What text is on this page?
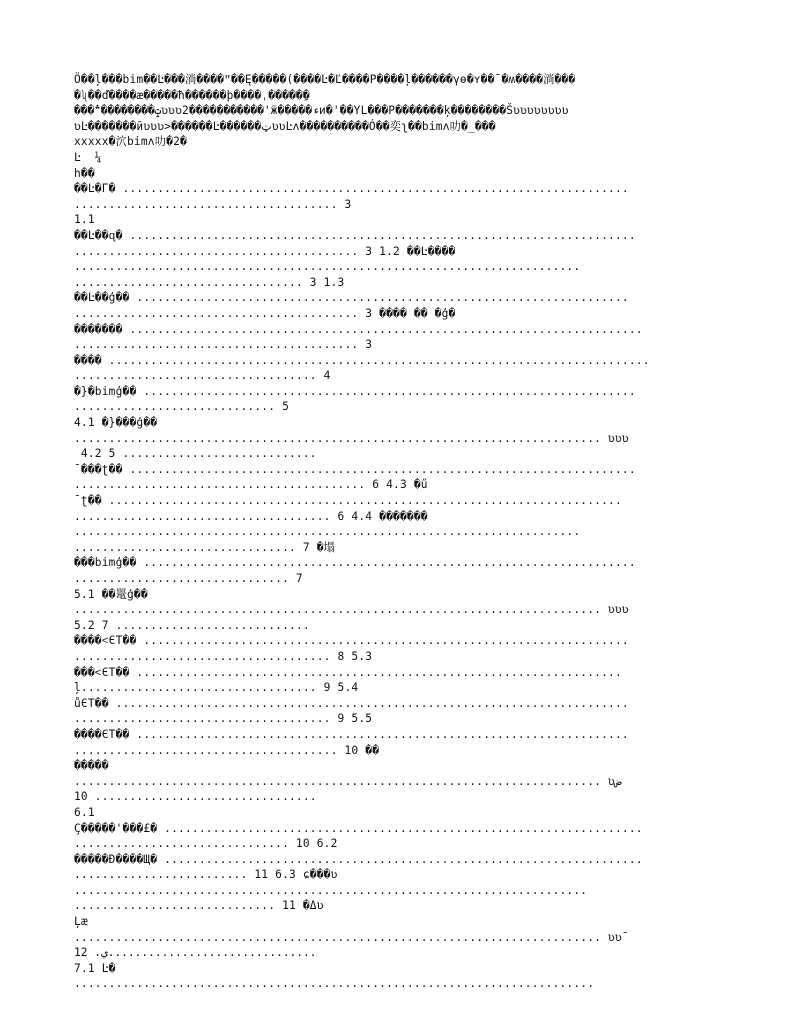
Ö��ļ���bim��Ŀ���淌����ʺ��Ę�����(����Ŀ�Ľ����Ρ����ļ������γɵ�ʏ��ˉ�ʍ����淌���
�ʯ��ď����æ�����ħ������þ����ˌ������ِ
���ݓ��������؞ʋʋʋ2����ؚ�������'ӝ�����ءи�'��ΥL���Ρ�������ķ��������Šʋʋʋʋʋʋʋʋ
ʋĿ�������йʋʋʋ>������Ŀ������ټʋʋĿʌ����������Ó��奕ʅ��bimʌ叻�_���
xxxxx�泬bimʌ叻�2�
Ŀ  ¼
h��
��Ŀ�Γ� .........................................................................
...................................... 3
1.1
��Ŀ��ɋ� .........................................................................
......................................... 3 1.2 ��Ŀ����
.........................................................................
................................. 3 1.3
��Ŀ��ģ�� .......................................................................
......................................... 3 ���� �� �ģ�
������� ..........................................................................
......................................... 3
���� ..............................................................................
................................... 4
�}�bimģ�� .......................................................................
............................. 5
4.1 �}���ģ��
............................................................................ ʋʋʋ
4.2 5 ............................
ˉ���ʈ�� .........................................................................
.......................................... 6 4.3 �ű
ˉʈ�� ..........................................................................
..................................... 6 4.4 �������
.........................................................................
................................ 7 �塌
���bimģ�� .......................................................................
............................... 7
5.1 ��鼍ģ��
............................................................................ ʋʋʋ
5.2 7 ............................
����˂ЄΤ�� ......................................................................
..................................... 8 5.3
���˂ЄΤ�� ......................................................................
ļ.................................. 9 5.4
ůЄΤ�� ..........................................................................
..................................... 9 5.5
����ЄΤ�� .......................................................................
...................................... 10 ��
�����
............................................................................ ʋض
10 ................................
6.1
Ç�����'���£� .....................................................................
............................... 10 6.2
�����Ð����Щ� .....................................................................
......................... 11 6.3 ɕ���ʋ
..........................................................................
............................. 11 �Δʋ
Ļæ
............................................................................ ʋʋˉ
12 .ي...............................
7.1 Ŀ�
...........................................................................
